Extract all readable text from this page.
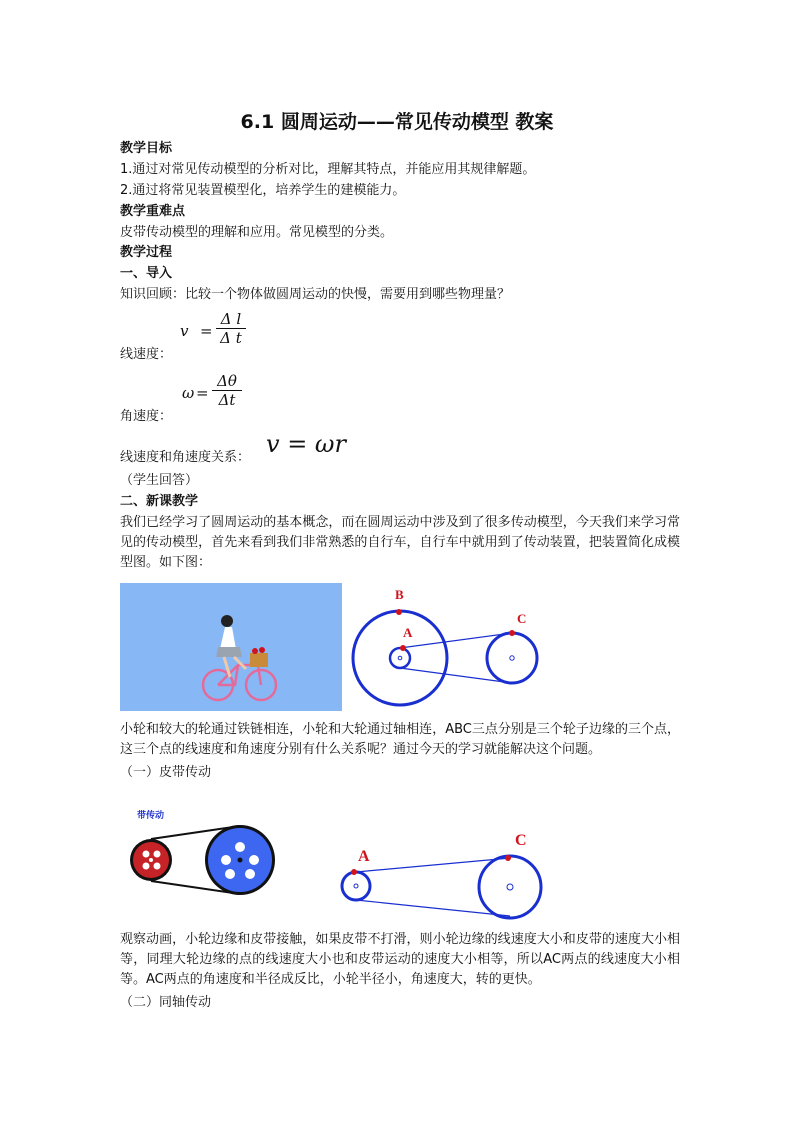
6.1 圆周运动——常见传动模型 教案
教学目标
1.通过对常见传动模型的分析对比，理解其特点，并能应用其规律解题。
2.通过将常见装置模型化，培养学生的建模能力。
教学重难点
皮带传动模型的理解和应用。常见模型的分类。
教学过程
一、导入
知识回顾：比较一个物体做圆周运动的快慢，需要用到哪些物理量？
线速度：
v =
Δ l
Δ t
角速度：
ω =
Δθ
Δt
线速度和角速度关系： v = ωr
（学生回答）
二、新课教学
我们已经学习了圆周运动的基本概念，而在圆周运动中涉及到了很多传动模型，今天我们来学习常见的传动模型，首先来看到我们非常熟悉的自行车，自行车中就用到了传动装置，把装置简化成模型图。如下图：
B
A
C
小轮和较大的轮通过铁链相连，小轮和大轮通过轴相连，ABC三点分别是三个轮子边缘的三个点，这三个点的线速度和角速度分别有什么关系呢？通过今天的学习就能解决这个问题。
（一）皮带传动
带传动
A
C
观察动画，小轮边缘和皮带接触，如果皮带不打滑，则小轮边缘的线速度大小和皮带的速度大小相等，同理大轮边缘的点的线速度大小也和皮带运动的速度大小相等，所以AC两点的线速度大小相等。AC两点的角速度和半径成反比，小轮半径小，角速度大，转的更快。
（二）同轴传动
